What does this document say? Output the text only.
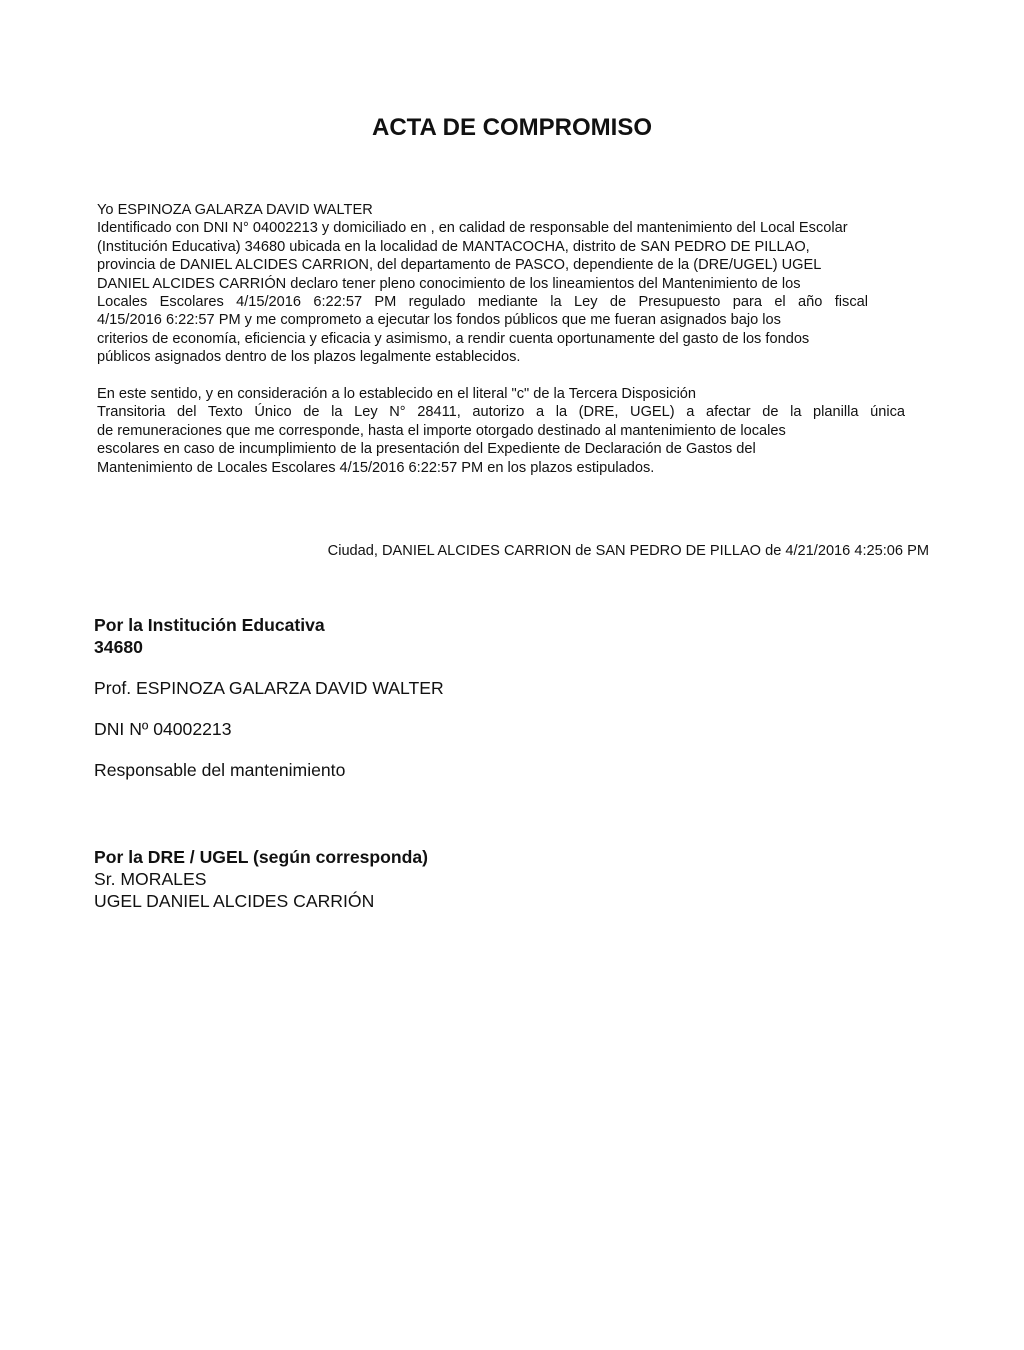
ACTA DE COMPROMISO
Yo ESPINOZA GALARZA DAVID WALTER
Identificado con DNI N° 04002213 y domiciliado en , en calidad de responsable del mantenimiento del Local Escolar
(Institución Educativa) 34680 ubicada en la localidad de MANTACOCHA, distrito de SAN PEDRO DE PILLAO,
provincia de DANIEL ALCIDES CARRION, del departamento de PASCO, dependiente de la (DRE/UGEL) UGEL
DANIEL ALCIDES CARRIÓN declaro tener pleno conocimiento de los lineamientos del Mantenimiento de los
Locales Escolares 4/15/2016 6:22:57 PM regulado mediante la Ley de Presupuesto para el año fiscal
4/15/2016 6:22:57 PM y me comprometo a ejecutar los fondos públicos que me fueran asignados bajo los
criterios de economía, eficiencia y eficacia y asimismo, a rendir cuenta oportunamente del gasto de los fondos
públicos asignados dentro de los plazos legalmente establecidos.
En este sentido, y en consideración a lo establecido en el literal "c" de la Tercera Disposición
Transitoria del Texto Único de la Ley N° 28411, autorizo a la (DRE, UGEL) a afectar de la planilla única
de remuneraciones que me corresponde, hasta el importe otorgado destinado al mantenimiento de locales
escolares en caso de incumplimiento de la presentación del Expediente de Declaración de Gastos del
Mantenimiento de Locales Escolares 4/15/2016 6:22:57 PM en los plazos estipulados.
Ciudad, DANIEL ALCIDES CARRION de SAN PEDRO DE PILLAO de 4/21/2016 4:25:06 PM
Por la Institución Educativa
34680
Prof. ESPINOZA GALARZA DAVID WALTER
DNI Nº 04002213
Responsable del mantenimiento
Por la DRE / UGEL (según corresponda)
Sr. MORALES
UGEL DANIEL ALCIDES CARRIÓN
